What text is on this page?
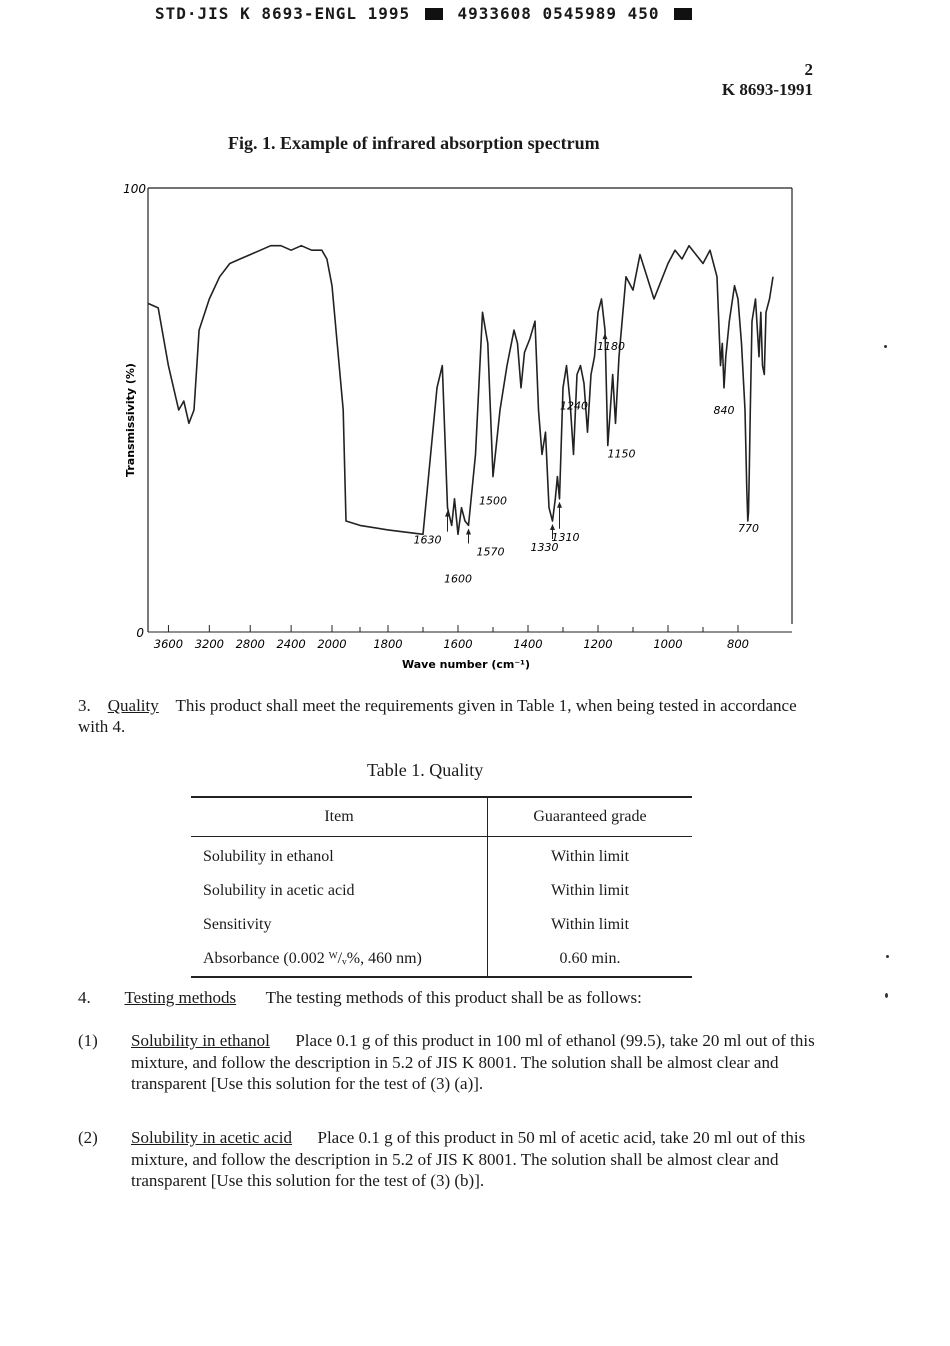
STD·JIS K 8693-ENGL 1995	4933608 0545989 450
2
K 8693-1991
Fig. 1. Example of infrared absorption spectrum
100
0
3600 3200 2800 2400 2000 1800	1600	1400	1200	1000	800
1630
1570
1600
1500
1330
1310
1240
1180
1150
840
770
Transmissivity (%)
Wave number (cm⁻¹)
3. Quality This product shall meet the requirements given in Table 1, when being tested in accordance with 4.
Table 1. Quality
Item	Guaranteed grade
Solubility in ethanol	Within limit
Solubility in acetic acid	Within limit
Sensitivity	Within limit
Absorbance (0.002 ᵂ/ᵥ%, 460 nm)	0.60 min.
4. Testing methods The testing methods of this product shall be as follows:
(1) Solubility in ethanol Place 0.1 g of this product in 100 ml of ethanol (99.5), take 20 ml out of this mixture, and follow the description in 5.2 of JIS K 8001. The solution shall be almost clear and transparent [Use this solution for the test of (3) (a)].
(2) Solubility in acetic acid Place 0.1 g of this product in 50 ml of acetic acid, take 20 ml out of this mixture, and follow the description in 5.2 of JIS K 8001. The solution shall be almost clear and transparent [Use this solution for the test of (3) (b)].
